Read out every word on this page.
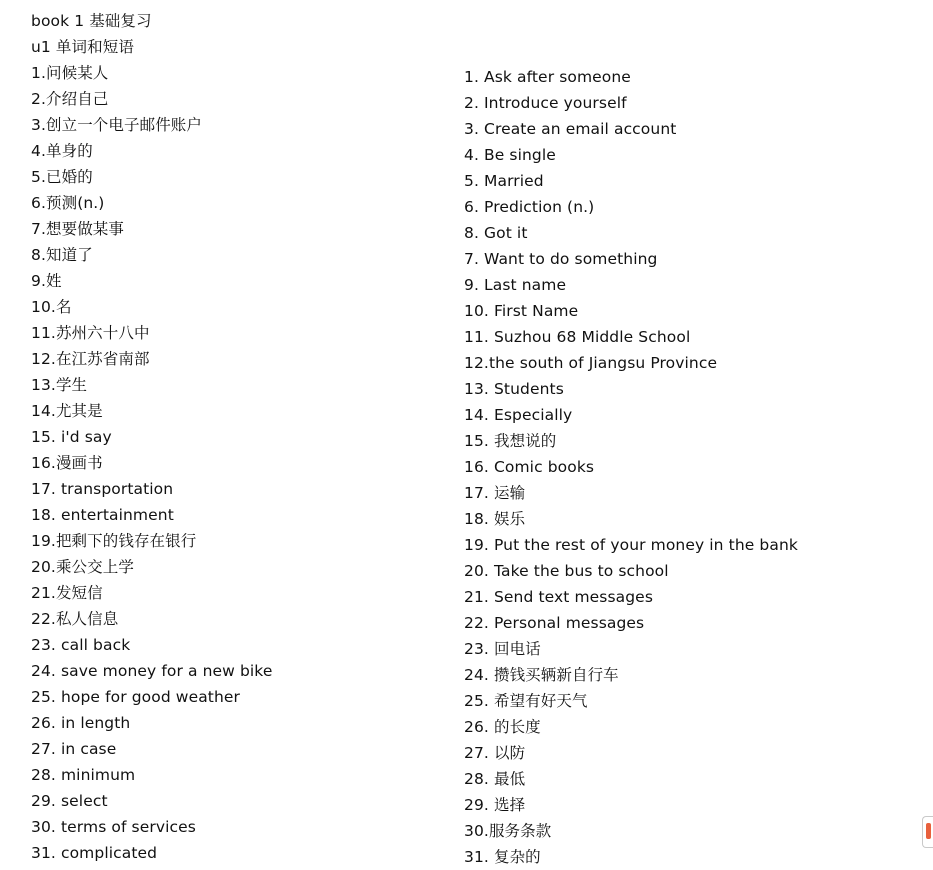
book 1 基础复习
u1 单词和短语
1.问候某人
2.介绍自己
3.创立一个电子邮件账户
4.单身的
5.已婚的
6.预测(n.)
7.想要做某事
8.知道了
9.姓
10.名
11.苏州六十八中
12.在江苏省南部
13.学生
14.尤其是
15. i'd say
16.漫画书
17. transportation
18. entertainment
19.把剩下的钱存在银行
20.乘公交上学
21.发短信
22.私人信息
23. call back
24. save money for a new bike
25. hope for good weather
26. in length
27. in case
28. minimum
29. select
30. terms of services
31. complicated
1. Ask after someone
2. Introduce yourself
3. Create an email account
4. Be single
5. Married
6. Prediction (n.)
8. Got it
7. Want to do something
9. Last name
10. First Name
11. Suzhou 68 Middle School
12.the south of Jiangsu Province
13. Students
14. Especially
15. 我想说的
16. Comic books
17. 运输
18. 娱乐
19. Put the rest of your money in the bank
20. Take the bus to school
21. Send text messages
22. Personal messages
23. 回电话
24. 攒钱买辆新自行车
25. 希望有好天气
26. 的长度
27. 以防
28. 最低
29. 选择
30.服务条款
31. 复杂的
